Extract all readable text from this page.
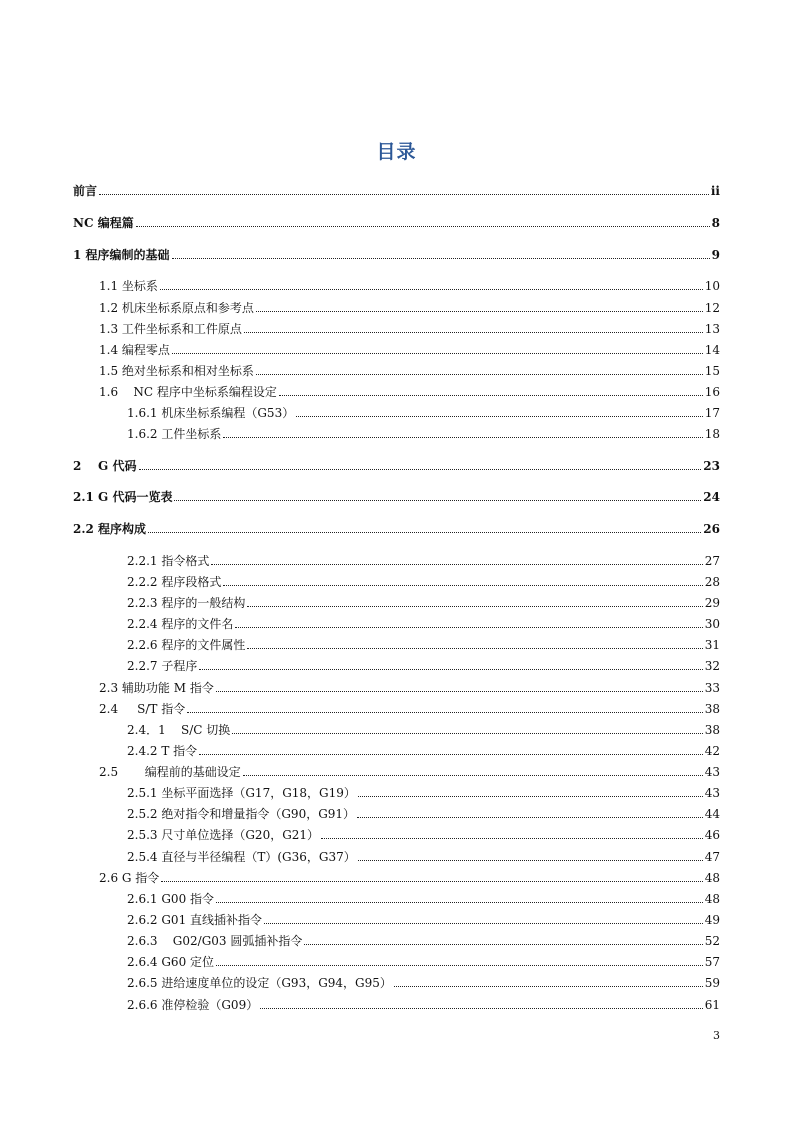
目录
前言	ii
NC 编程篇	8
1 程序编制的基础	9
1.1 坐标系	10
1.2 机床坐标系原点和参考点	12
1.3 工件坐标系和工件原点	13
1.4 编程零点	14
1.5 绝对坐标系和相对坐标系	15
1.6    NC 程序中坐标系编程设定	16
1.6.1 机床坐标系编程（G53）	17
1.6.2 工件坐标系	18
2    G 代码	23
2.1 G 代码一览表	24
2.2 程序构成	26
2.2.1 指令格式	27
2.2.2 程序段格式	28
2.2.3 程序的一般结构	29
2.2.4 程序的文件名	30
2.2.6 程序的文件属性	31
2.2.7 子程序	32
2.3 辅助功能 M 指令	33
2.4     S/T 指令	38
2.4．1    S/C 切换	38
2.4.2 T 指令	42
2.5       编程前的基础设定	43
2.5.1 坐标平面选择（G17，G18，G19）	43
2.5.2 绝对指令和增量指令（G90，G91）	44
2.5.3 尺寸单位选择（G20，G21）	46
2.5.4 直径与半径编程（T）(G36，G37）	47
2.6 G 指令	48
2.6.1 G00 指令	48
2.6.2 G01 直线插补指令	49
2.6.3    G02/G03 圆弧插补指令	52
2.6.4 G60 定位	57
2.6.5 进给速度单位的设定（G93，G94，G95）	59
2.6.6 准停检验（G09）	61
3
